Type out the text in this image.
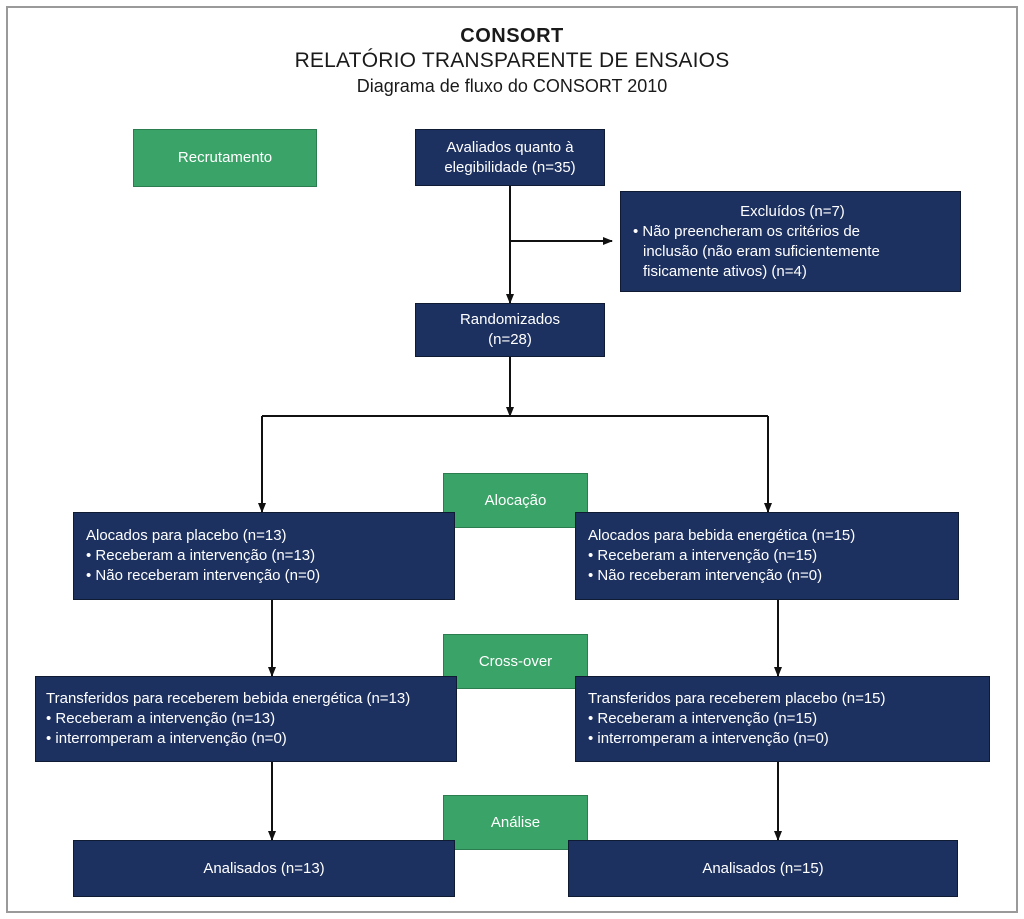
CONSORT
RELATÓRIO TRANSPARENTE DE ENSAIOS
Diagrama de fluxo do CONSORT 2010
Recrutamento
Alocação
Cross-over
Análise
Avaliados quanto à
elegibilidade (n=35)
Excluídos (n=7)
• Não preencheram os critérios de
inclusão (não eram suficientemente
fisicamente ativos) (n=4)
Randomizados
(n=28)
Alocados para placebo (n=13)
• Receberam a intervenção (n=13)
• Não receberam intervenção (n=0)
Alocados para bebida energética (n=15)
• Receberam a intervenção (n=15)
• Não receberam intervenção (n=0)
Transferidos para receberem bebida energética (n=13)
• Receberam a intervenção (n=13)
• interromperam a intervenção (n=0)
Transferidos para receberem placebo (n=15)
• Receberam a intervenção (n=15)
• interromperam a intervenção (n=0)
Analisados (n=13)	Analisados (n=15)
